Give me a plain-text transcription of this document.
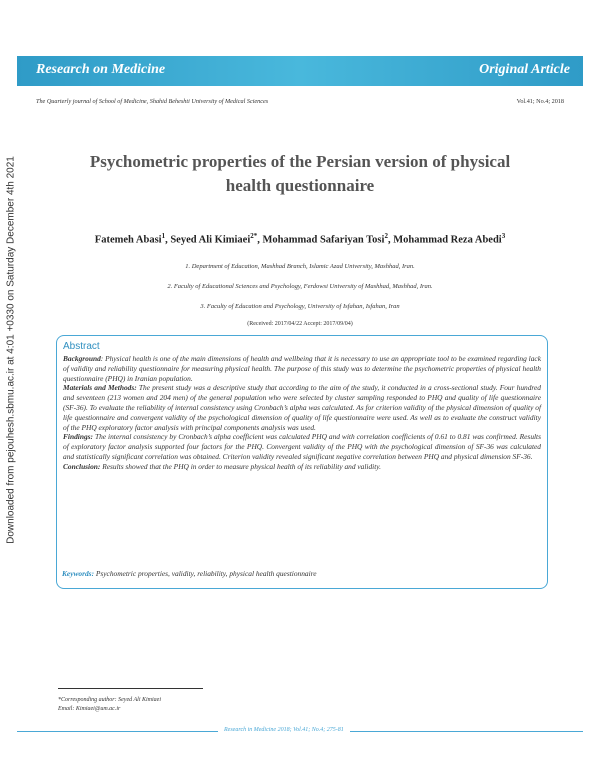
Downloaded from pejouhesh.sbmu.ac.ir at 4:01 +0330 on Saturday December 4th 2021
Research on Medicine	Original Article
The Quarterly journal of School of Medicine, Shahid Beheshti University of Medical Sciences	Vol.41; No.4; 2018
Psychometric properties of the Persian version of physical
health questionnaire
Fatemeh Abasi$^1$, Seyed Ali Kimiaei$^{2*}$, Mohammad Safariyan Tosi$^2$, Mohammad Reza Abedi$^3$
1. Department of Education, Mashhad Branch, Islamic Azad University, Mashhad, Iran.
2. Faculty of Educational Sciences and Psychology, Ferdowsi University of Mashhad, Mashhad, Iran.
3. Faculty of Education and Psychology, University of Isfahan, Isfahan, Iran
(Received: 2017/04/22 Accept: 2017/09/04)
Abstract

Background: Physical health is one of the main dimensions of health and wellbeing that it is necessary to use an appropriate tool to be examined regarding lack of validity and reliability questionnaire for measuring physical health. The purpose of this study was to determine the psychometric properties of physical health questionnaire (PHQ) in Iranian population.

Materials and Methods: The present study was a descriptive study that according to the aim of the study, it conducted in a cross-sectional study. Four hundred and seventeen (213 women and 204 men) of the general population who were selected by cluster sampling responded to PHQ and quality of life questionnaire (SF-36). To evaluate the reliability of internal consistency using Cronbach’s alpha was calculated. As for criterion validity of the physical dimension of quality of life questionnaire and convergent validity of the psychological dimension of quality of life questionnaire were used. As well as to evaluate the construct validity of the PHQ exploratory factor analysis with principal components analysis was used.

Findings: The internal consistency by Cronbach’s alpha coefficient was calculated PHQ and with correlation coefficients of 0.61 to 0.81 was confirmed. Results of exploratory factor analysis supported four factors for the PHQ. Convergent validity of the PHQ with the psychological dimension of SF-36 was calculated and statistically significant correlation was obtained. Criterion validity revealed significant negative correlation between PHQ and physical dimension SF-36.

Conclusion: Results showed that the PHQ in order to measure physical health of its reliability and validity.

Keywords: Psychometric properties, validity, reliability, physical health questionnaire
*Corresponding author: Seyed Ali Kimiaei
Email: Kimiaei@um.ac.ir
Research in Medicine 2018; Vol.41; No.4; 275-81
